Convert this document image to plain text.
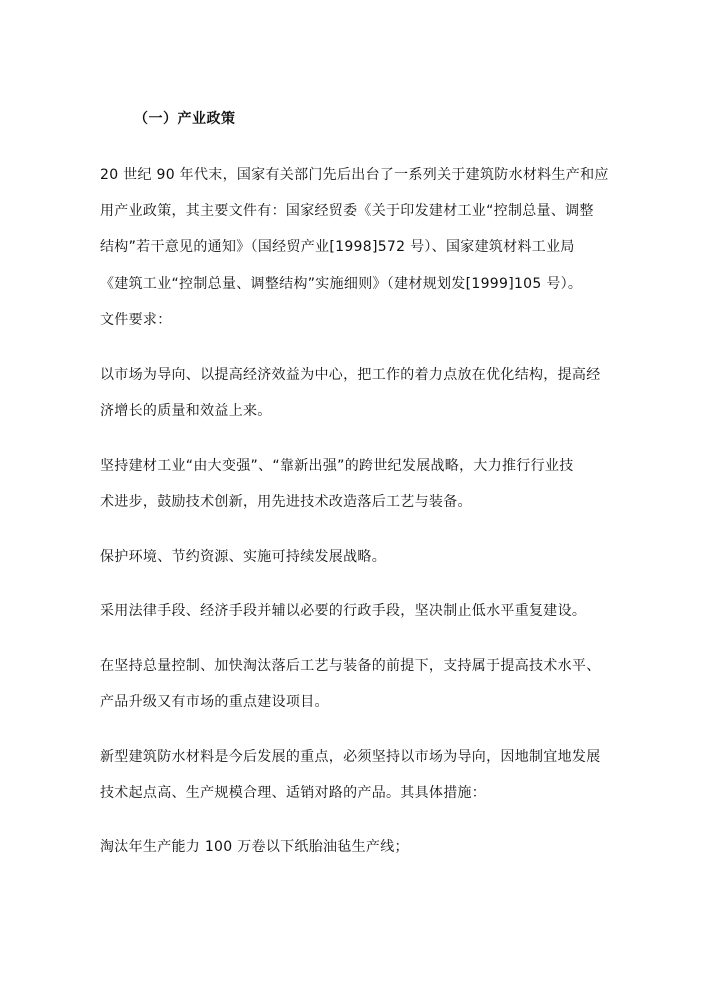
（一）产业政策
20 世纪 90 年代末，国家有关部门先后出台了一系列关于建筑防水材料生产和应
用产业政策，其主要文件有：国家经贸委《关于印发建材工业“控制总量、调整
结构”若干意见的通知》（国经贸产业[1998]572 号）、国家建筑材料工业局
《建筑工业“控制总量、调整结构”实施细则》（建材规划发[1999]105 号）。
文件要求：
以市场为导向、以提高经济效益为中心，把工作的着力点放在优化结构，提高经
济增长的质量和效益上来。
坚持建材工业“由大变强”、“靠新出强”的跨世纪发展战略，大力推行行业技
术进步，鼓励技术创新，用先进技术改造落后工艺与装备。
保护环境、节约资源、实施可持续发展战略。
采用法律手段、经济手段并辅以必要的行政手段，坚决制止低水平重复建设。
在坚持总量控制、加快淘汰落后工艺与装备的前提下，支持属于提高技术水平、
产品升级又有市场的重点建设项目。
新型建筑防水材料是今后发展的重点，必须坚持以市场为导向，因地制宜地发展
技术起点高、生产规模合理、适销对路的产品。其具体措施：
淘汰年生产能力 100 万卷以下纸胎油毡生产线；
